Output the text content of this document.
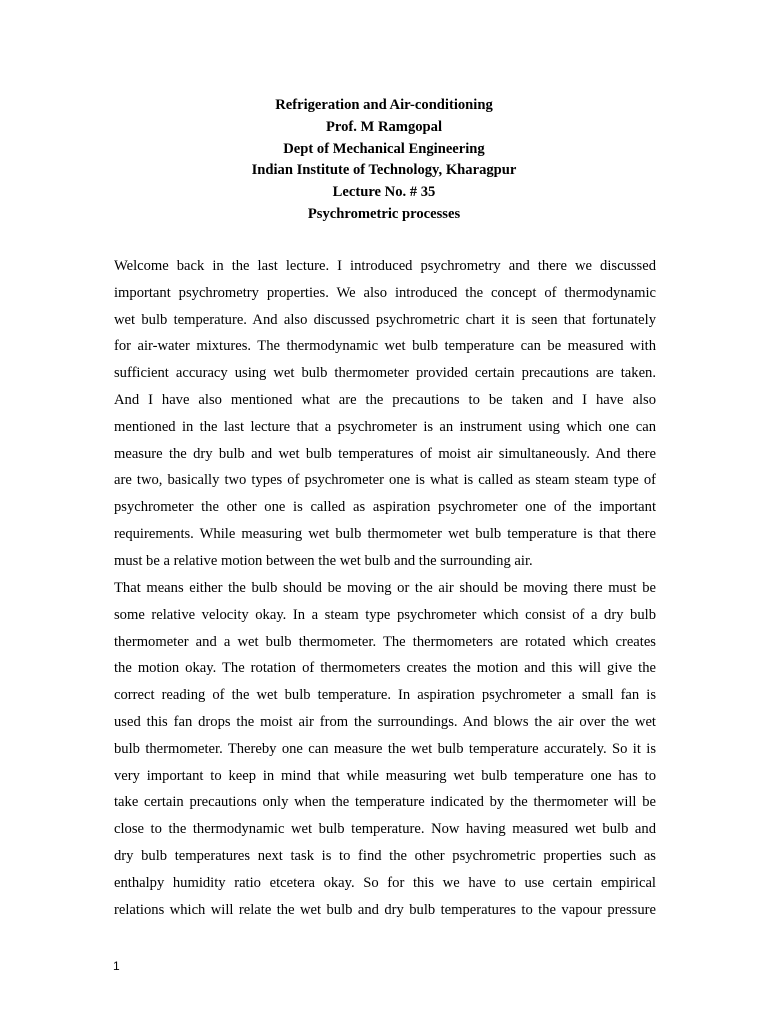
Refrigeration and Air-conditioning
Prof. M Ramgopal
Dept of Mechanical Engineering
Indian Institute of Technology, Kharagpur
Lecture No. # 35
Psychrometric processes
Welcome back in the last lecture. I introduced psychrometry and there we discussed
important psychrometry properties. We also introduced the concept of thermodynamic
wet bulb temperature. And also discussed psychrometric chart it is seen that fortunately
for air-water mixtures. The thermodynamic wet bulb temperature can be measured with
sufficient accuracy using wet bulb thermometer provided certain precautions are taken.
And I have also mentioned what are the precautions to be taken and I have also
mentioned in the last lecture that a psychrometer is an instrument using which one can
measure the dry bulb and wet bulb temperatures of moist air simultaneously. And there
are two, basically two types of psychrometer one is what is called as steam steam type of
psychrometer the other one is called as aspiration psychrometer one of the important
requirements. While measuring wet bulb thermometer wet bulb temperature is that there
must be a relative motion between the wet bulb and the surrounding air.
That means either the bulb should be moving or the air should be moving there must be
some relative velocity okay. In a steam type psychrometer which consist of a dry bulb
thermometer and a wet bulb thermometer. The thermometers are rotated which creates
the motion okay. The rotation of thermometers creates the motion and this will give the
correct reading of the wet bulb temperature. In aspiration psychrometer a small fan is
used this fan drops the moist air from the surroundings. And blows the air over the wet
bulb thermometer. Thereby one can measure the wet bulb temperature accurately. So it is
very important to keep in mind that while measuring wet bulb temperature one has to
take certain precautions only when the temperature indicated by the thermometer will be
close to the thermodynamic wet bulb temperature. Now having measured wet bulb and
dry bulb temperatures next task is to find the other psychrometric properties such as
enthalpy humidity ratio etcetera okay. So for this we have to use certain empirical
relations which will relate the wet bulb and dry bulb temperatures to the vapour pressure
1
